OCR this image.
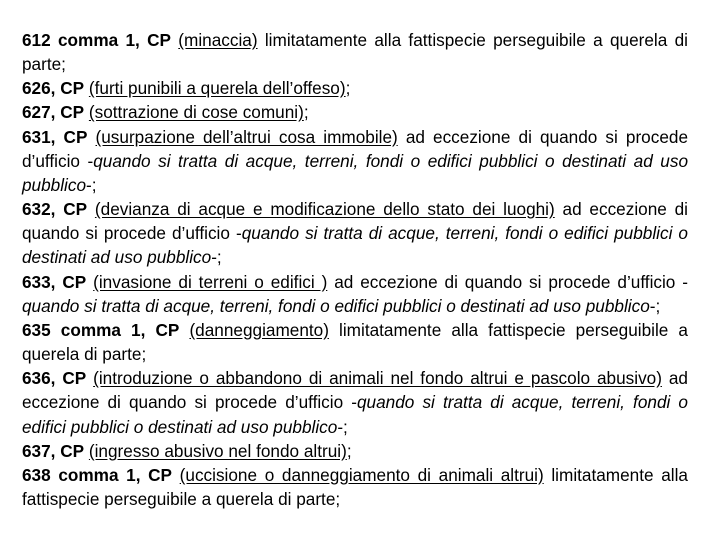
612 comma 1, CP (minaccia) limitatamente alla fattispecie perseguibile a querela di parte;

626, CP (furti punibili a querela dell’offeso);

627, CP (sottrazione di cose comuni);

631, CP (usurpazione dell’altrui cosa immobile) ad eccezione di quando si procede d’ufficio -quando si tratta di acque, terreni, fondi o edifici pubblici o destinati ad uso pubblico-;

632, CP (devianza di acque e modificazione dello stato dei luoghi) ad eccezione di quando si procede d’ufficio -quando si tratta di acque, terreni, fondi o edifici pubblici o destinati ad uso pubblico-;

633, CP (invasione di terreni o edifici ) ad eccezione di quando si procede d’ufficio -quando si tratta di acque, terreni, fondi o edifici pubblici o destinati ad uso pubblico-;

635 comma 1, CP (danneggiamento) limitatamente alla fattispecie perseguibile a querela di parte;

636, CP (introduzione o abbandono di animali nel fondo altrui e pascolo abusivo) ad eccezione di quando si procede d’ufficio -quando si tratta di acque, terreni, fondi o edifici pubblici o destinati ad uso pubblico-;

637, CP (ingresso abusivo nel fondo altrui);

638 comma 1, CP (uccisione o danneggiamento di animali altrui) limitatamente alla fattispecie perseguibile a querela di parte;
